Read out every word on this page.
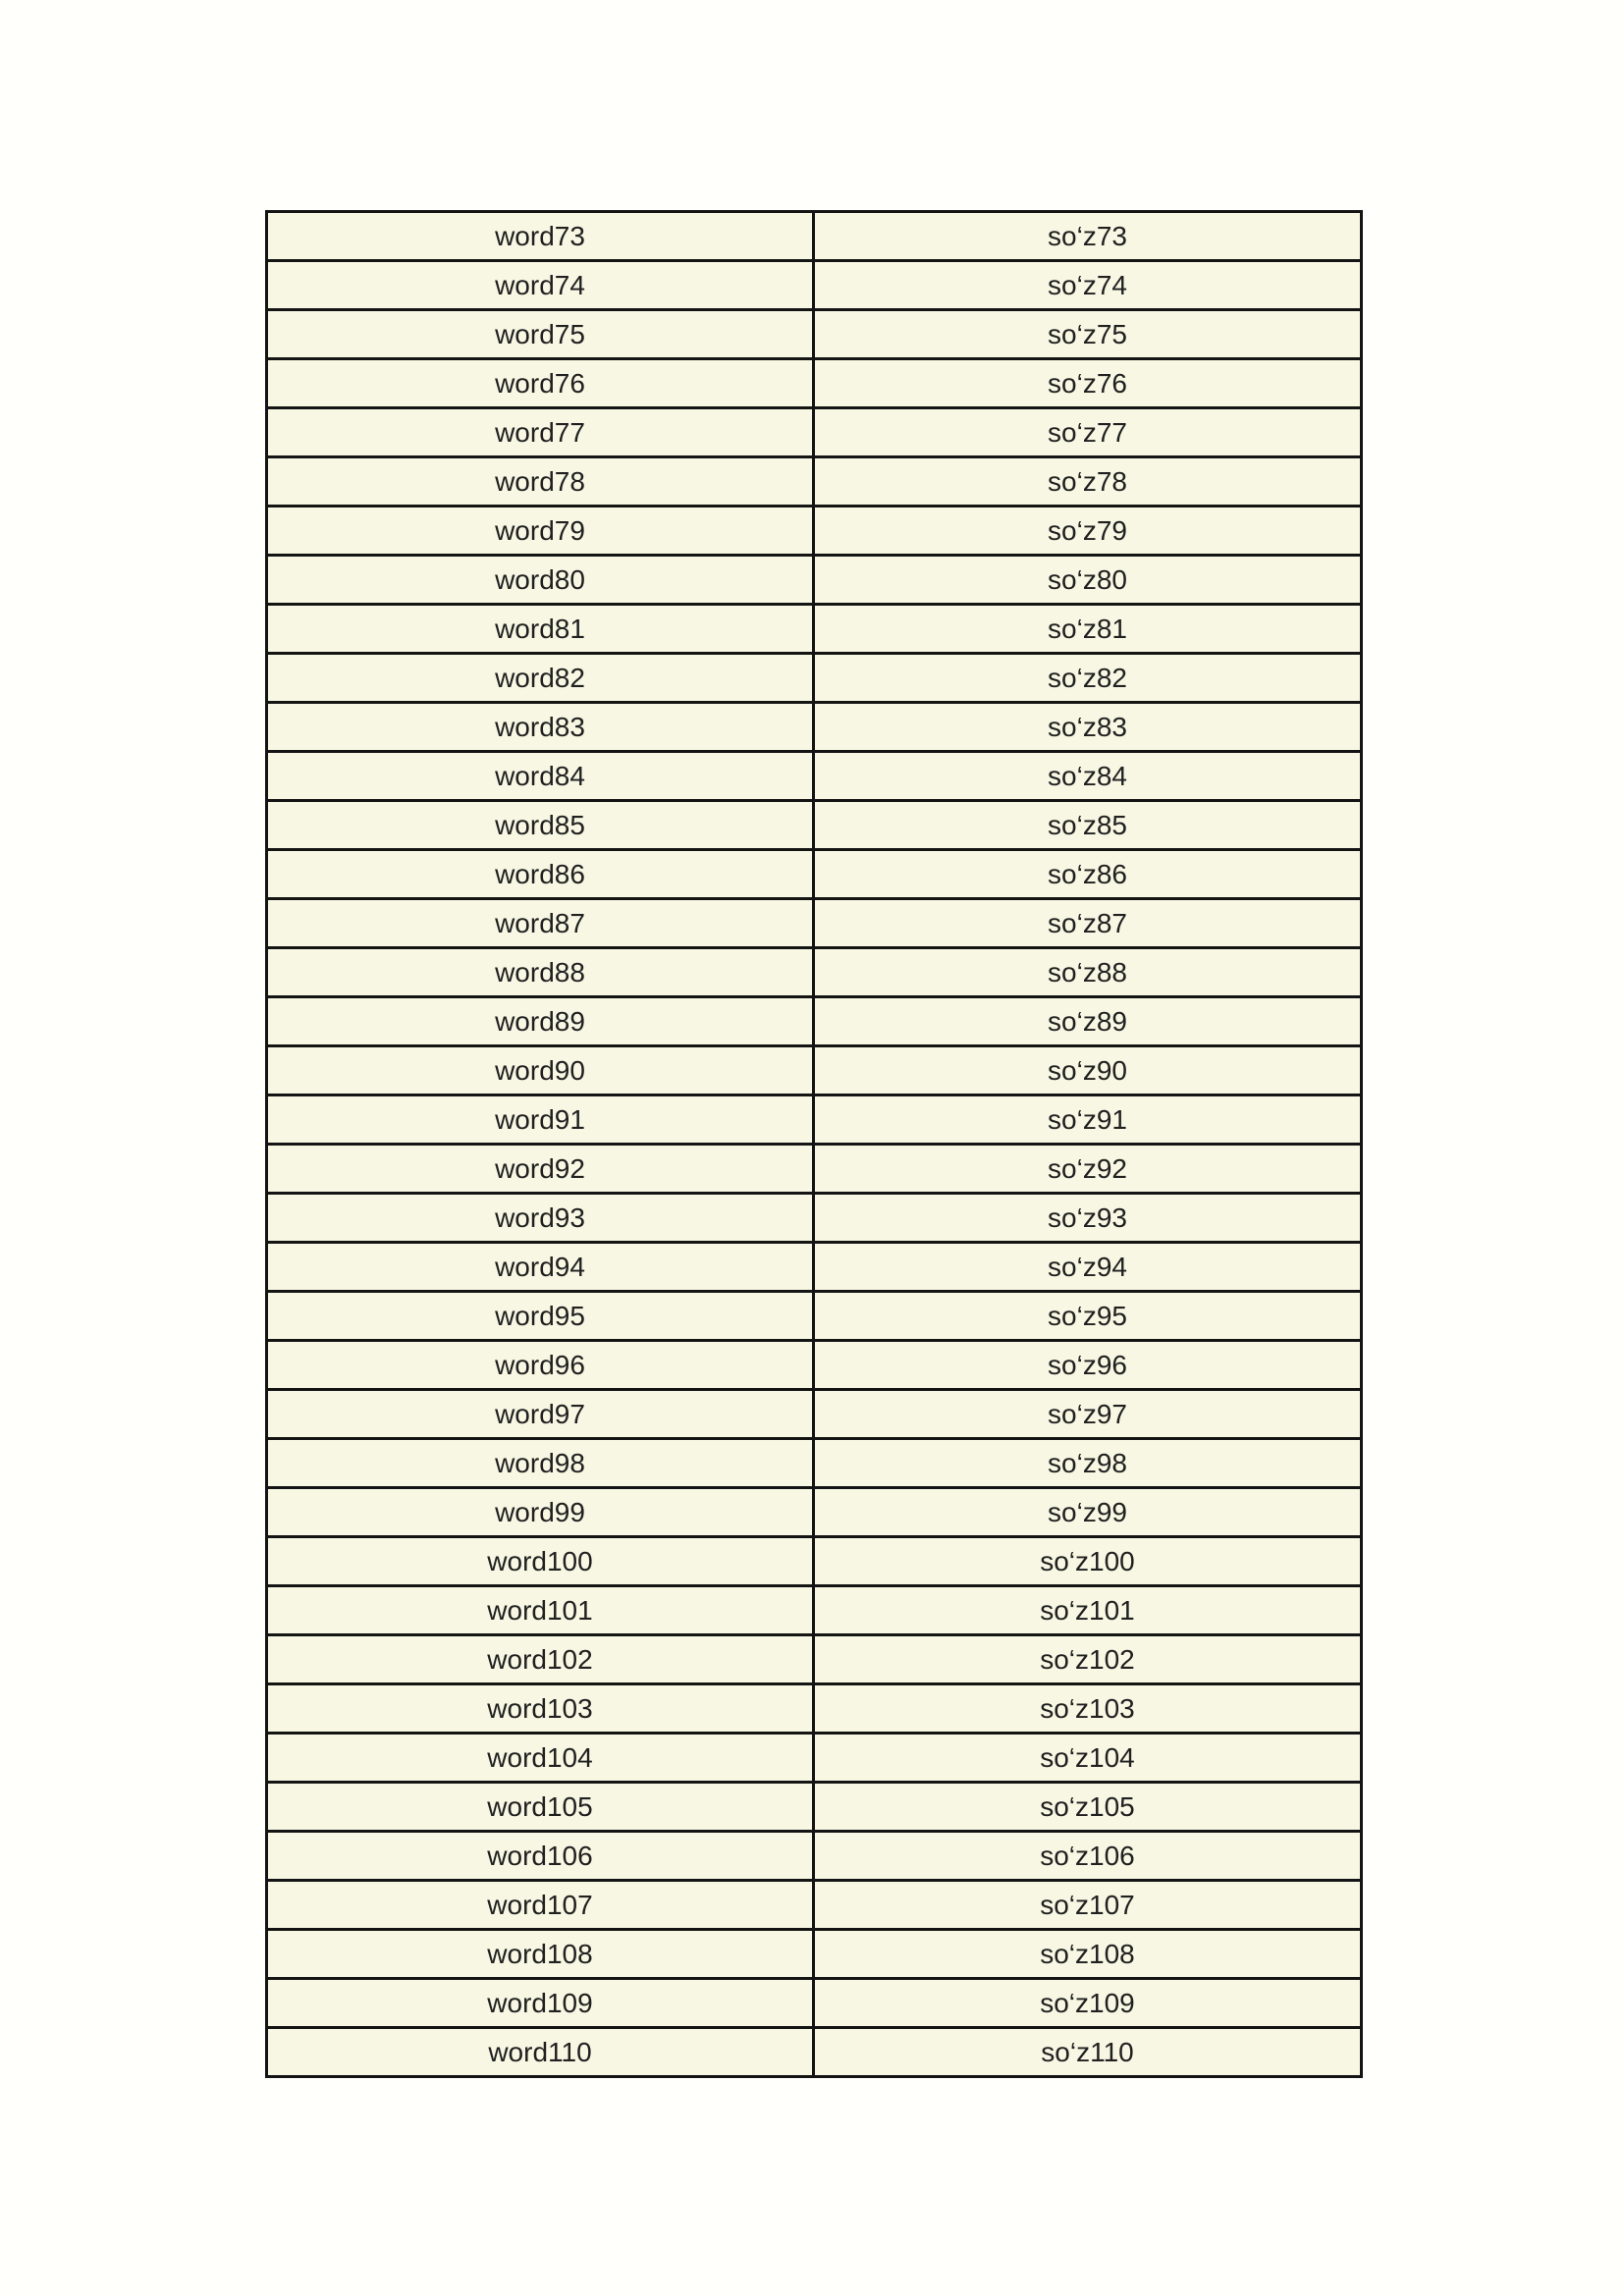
word73	so‘z73
word74	so‘z74
word75	so‘z75
word76	so‘z76
word77	so‘z77
word78	so‘z78
word79	so‘z79
word80	so‘z80
word81	so‘z81
word82	so‘z82
word83	so‘z83
word84	so‘z84
word85	so‘z85
word86	so‘z86
word87	so‘z87
word88	so‘z88
word89	so‘z89
word90	so‘z90
word91	so‘z91
word92	so‘z92
word93	so‘z93
word94	so‘z94
word95	so‘z95
word96	so‘z96
word97	so‘z97
word98	so‘z98
word99	so‘z99
word100	so‘z100
word101	so‘z101
word102	so‘z102
word103	so‘z103
word104	so‘z104
word105	so‘z105
word106	so‘z106
word107	so‘z107
word108	so‘z108
word109	so‘z109
word110	so‘z110
